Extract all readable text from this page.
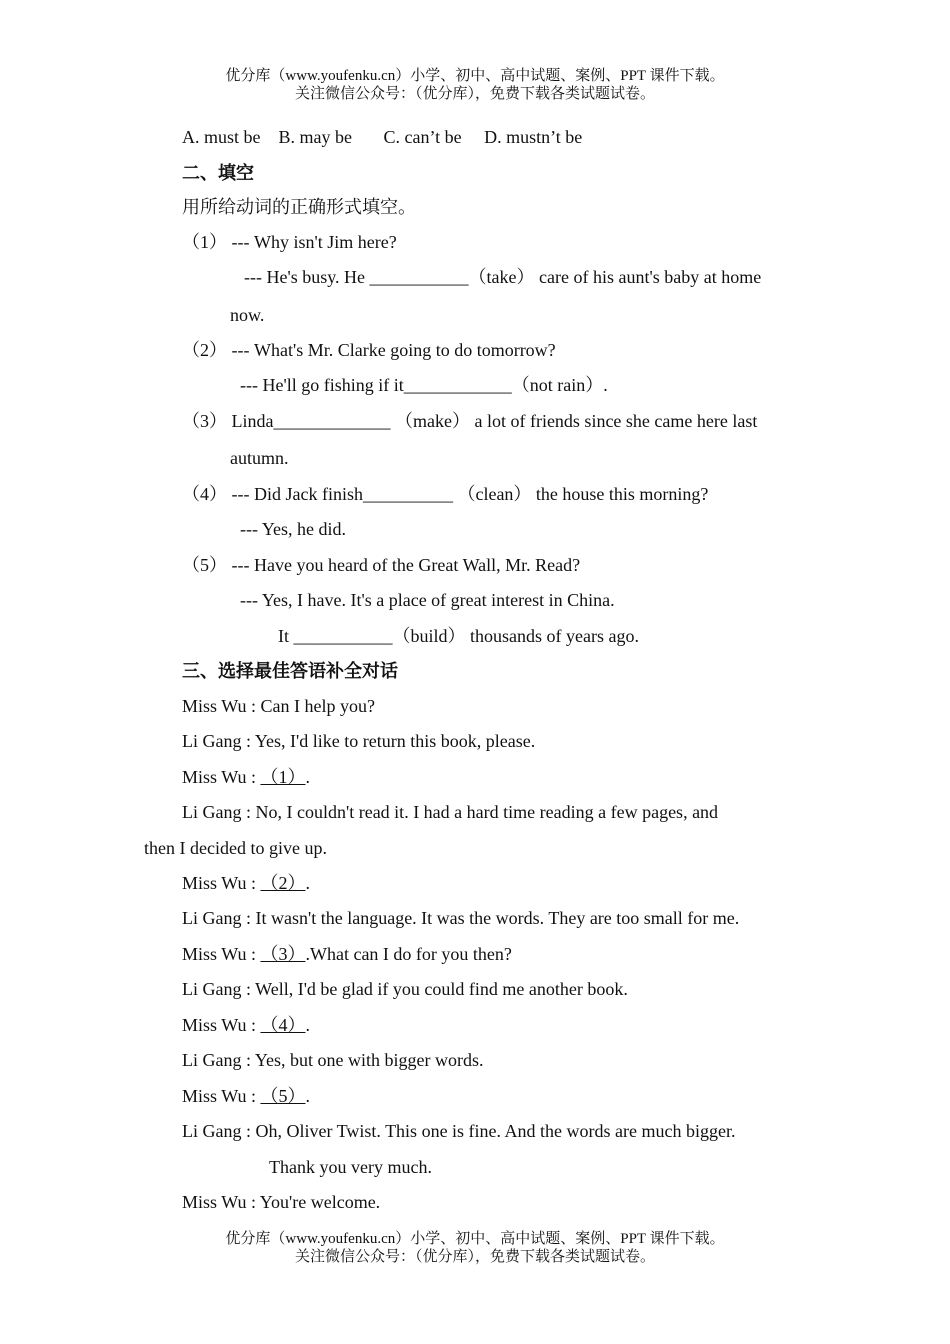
优分库（www.youfenku.cn）小学、初中、高中试题、案例、PPT 课件下载。
关注微信公众号：（优分库），免费下载各类试题试卷。
A. must be    B. may be       C. can’t be     D. mustn’t be
二、填空
用所给动词的正确形式填空。
（1） --- Why isn't Jim here?
--- He's busy. He ___________（take） care of his aunt's baby at home
now.
（2） --- What's Mr. Clarke going to do tomorrow?
--- He'll go fishing if it____________（not rain）.
（3） Linda_____________ （make） a lot of friends since she came here last
autumn.
（4） --- Did Jack finish__________ （clean） the house this morning?
--- Yes, he did.
（5） --- Have you heard of the Great Wall, Mr. Read?
--- Yes, I have. It's a place of great interest in China.
It ___________（build） thousands of years ago.
三、选择最佳答语补全对话
Miss Wu : Can I help you?
Li Gang : Yes, I'd like to return this book, please.
Miss Wu : （1）.
Li Gang : No, I couldn't read it. I had a hard time reading a few pages, and
then I decided to give up.
Miss Wu : （2）.
Li Gang : It wasn't the language. It was the words. They are too small for me.
Miss Wu : （3）.What can I do for you then?
Li Gang : Well, I'd be glad if you could find me another book.
Miss Wu : （4）.
Li Gang : Yes, but one with bigger words.
Miss Wu : （5）.
Li Gang : Oh, Oliver Twist. This one is fine. And the words are much bigger.
Thank you very much.
Miss Wu : You're welcome.
优分库（www.youfenku.cn）小学、初中、高中试题、案例、PPT 课件下载。
关注微信公众号：（优分库），免费下载各类试题试卷。
